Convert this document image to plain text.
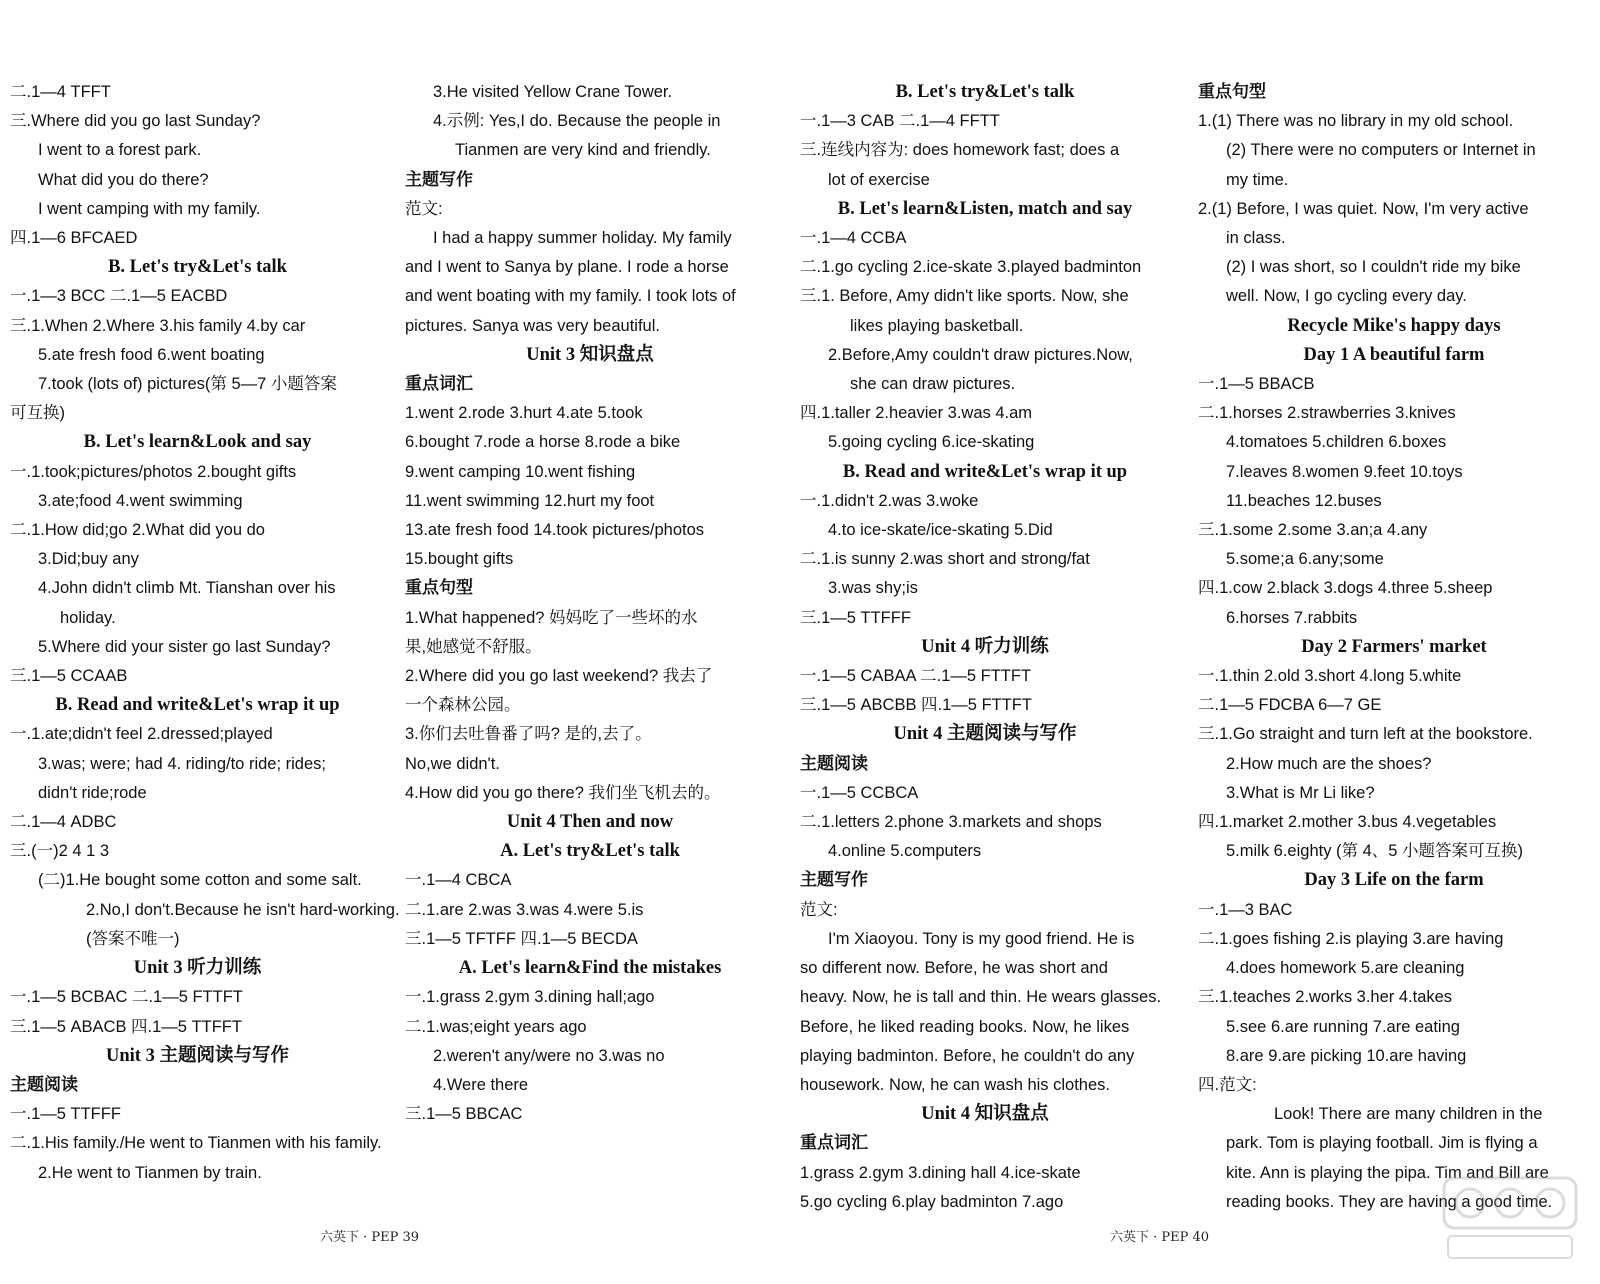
二.1—4 TFFT
三.Where did you go last Sunday?
I went to a forest park.
What did you do there?
I went camping with my family.
四.1—6 BFCAED
B. Let's try&Let's talk
一.1—3 BCC 二.1—5 EACBD
三.1.When 2.Where 3.his family 4.by car
5.ate fresh food 6.went boating
7.took (lots of) pictures(第 5—7 小题答案
可互换)
B. Let's learn&Look and say
一.1.took;pictures/photos 2.bought gifts
3.ate;food 4.went swimming
二.1.How did;go 2.What did you do
3.Did;buy any
4.John didn't climb Mt. Tianshan over his
holiday.
5.Where did your sister go last Sunday?
三.1—5 CCAAB
B. Read and write&Let's wrap it up
一.1.ate;didn't feel 2.dressed;played
3.was; were; had 4. riding/to ride; rides;
didn't ride;rode
二.1—4 ADBC
三.(一)2 4 1 3
(二)1.He bought some cotton and some salt.
2.No,I don't.Because he isn't hard-working.
(答案不唯一)
Unit 3 听力训练
一.1—5 BCBAC 二.1—5 FTTFT
三.1—5 ABACB 四.1—5 TTFFT
Unit 3 主题阅读与写作
主题阅读
一.1—5 TTFFF
二.1.His family./He went to Tianmen with his family.
2.He went to Tianmen by train.
3.He visited Yellow Crane Tower.
4.示例: Yes,I do. Because the people in
Tianmen are very kind and friendly.
主题写作
范文:
I had a happy summer holiday. My family
and I went to Sanya by plane. I rode a horse
and went boating with my family. I took lots of
pictures. Sanya was very beautiful.
Unit 3 知识盘点
重点词汇
1.went 2.rode 3.hurt 4.ate 5.took
6.bought 7.rode a horse 8.rode a bike
9.went camping 10.went fishing
11.went swimming 12.hurt my foot
13.ate fresh food 14.took pictures/photos
15.bought gifts
重点句型
1.What happened? 妈妈吃了一些坏的水
果,她感觉不舒服。
2.Where did you go last weekend? 我去了
一个森林公园。
3.你们去吐鲁番了吗? 是的,去了。
No,we didn't.
4.How did you go there? 我们坐飞机去的。
Unit 4 Then and now
A. Let's try&Let's talk
一.1—4 CBCA
二.1.are 2.was 3.was 4.were 5.is
三.1—5 TFTFF 四.1—5 BECDA
A. Let's learn&Find the mistakes
一.1.grass 2.gym 3.dining hall;ago
二.1.was;eight years ago
2.weren't any/were no 3.was no
4.Were there
三.1—5 BBCAC
B. Let's try&Let's talk
一.1—3 CAB 二.1—4 FFTT
三.连线内容为: does homework fast; does a
lot of exercise
B. Let's learn&Listen, match and say
一.1—4 CCBA
二.1.go cycling 2.ice-skate 3.played badminton
三.1. Before, Amy didn't like sports. Now, she
likes playing basketball.
2.Before,Amy couldn't draw pictures.Now,
she can draw pictures.
四.1.taller 2.heavier 3.was 4.am
5.going cycling 6.ice-skating
B. Read and write&Let's wrap it up
一.1.didn't 2.was 3.woke
4.to ice-skate/ice-skating 5.Did
二.1.is sunny 2.was short and strong/fat
3.was shy;is
三.1—5 TTFFF
Unit 4 听力训练
一.1—5 CABAA 二.1—5 FTTFT
三.1—5 ABCBB 四.1—5 FTTFT
Unit 4 主题阅读与写作
主题阅读
一.1—5 CCBCA
二.1.letters 2.phone 3.markets and shops
4.online 5.computers
主题写作
范文:
I'm Xiaoyou. Tony is my good friend. He is
so different now. Before, he was short and
heavy. Now, he is tall and thin. He wears glasses.
Before, he liked reading books. Now, he likes
playing badminton. Before, he couldn't do any
housework. Now, he can wash his clothes.
Unit 4 知识盘点
重点词汇
1.grass 2.gym 3.dining hall 4.ice-skate
5.go cycling 6.play badminton 7.ago
重点句型
1.(1) There was no library in my old school.
(2) There were no computers or Internet in
my time.
2.(1) Before, I was quiet. Now, I'm very active
in class.
(2) I was short, so I couldn't ride my bike
well. Now, I go cycling every day.
Recycle Mike's happy days
Day 1 A beautiful farm
一.1—5 BBACB
二.1.horses 2.strawberries 3.knives
4.tomatoes 5.children 6.boxes
7.leaves 8.women 9.feet 10.toys
11.beaches 12.buses
三.1.some 2.some 3.an;a 4.any
5.some;a 6.any;some
四.1.cow 2.black 3.dogs 4.three 5.sheep
6.horses 7.rabbits
Day 2 Farmers' market
一.1.thin 2.old 3.short 4.long 5.white
二.1—5 FDCBA 6—7 GE
三.1.Go straight and turn left at the bookstore.
2.How much are the shoes?
3.What is Mr Li like?
四.1.market 2.mother 3.bus 4.vegetables
5.milk 6.eighty (第 4、5 小题答案可互换)
Day 3 Life on the farm
一.1—3 BAC
二.1.goes fishing 2.is playing 3.are having
4.does homework 5.are cleaning
三.1.teaches 2.works 3.her 4.takes
5.see 6.are running 7.are eating
8.are 9.are picking 10.are having
四.范文:
Look! There are many children in the
park. Tom is playing football. Jim is flying a
kite. Ann is playing the pipa. Tim and Bill are
reading books. They are having a good time.
六英下 · PEP 39	六英下 · PEP 40
